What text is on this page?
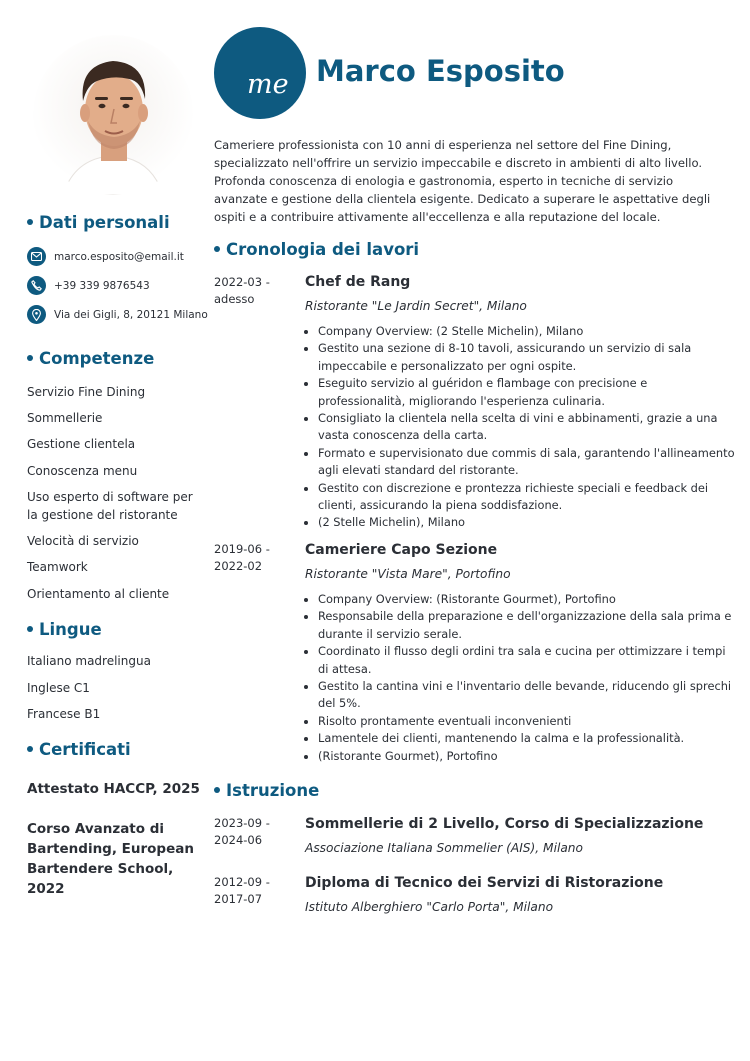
Dati personali
marco.esposito@email.it
+39 339 9876543
Via dei Gigli, 8, 20121 Milano
Competenze
Servizio Fine Dining
Sommellerie
Gestione clientela
Conoscenza menu
Uso esperto di software per la gestione del ristorante
Velocità di servizio
Teamwork
Orientamento al cliente
Lingue
Italiano madrelingua
Inglese C1
Francese B1
Certificati
Attestato HACCP, 2025
Corso Avanzato di Bartending, European Bartendere School, 2022
me Marco Esposito
Cameriere professionista con 10 anni di esperienza nel settore del Fine Dining, specializzato nell'offrire un servizio impeccabile e discreto in ambienti di alto livello. Profonda conoscenza di enologia e gastronomia, esperto in tecniche di servizio avanzate e gestione della clientela esigente. Dedicato a superare le aspettative degli ospiti e a contribuire attivamente all'eccellenza e alla reputazione del locale.
Cronologia dei lavori
2022-03 - adesso
Chef de Rang
Ristorante "Le Jardin Secret", Milano
• Company Overview: (2 Stelle Michelin), Milano
• Gestito una sezione di 8-10 tavoli, assicurando un servizio di sala impeccabile e personalizzato per ogni ospite.
• Eseguito servizio al guéridon e flambage con precisione e professionalità, migliorando l'esperienza culinaria.
• Consigliato la clientela nella scelta di vini e abbinamenti, grazie a una vasta conoscenza della carta.
• Formato e supervisionato due commis di sala, garantendo l'allineamento agli elevati standard del ristorante.
• Gestito con discrezione e prontezza richieste speciali e feedback dei clienti, assicurando la piena soddisfazione.
• (2 Stelle Michelin), Milano
2019-06 - 2022-02
Cameriere Capo Sezione
Ristorante "Vista Mare", Portofino
• Company Overview: (Ristorante Gourmet), Portofino
• Responsabile della preparazione e dell'organizzazione della sala prima e durante il servizio serale.
• Coordinato il flusso degli ordini tra sala e cucina per ottimizzare i tempi di attesa.
• Gestito la cantina vini e l'inventario delle bevande, riducendo gli sprechi del 5%.
• Risolto prontamente eventuali inconvenienti
• Lamentele dei clienti, mantenendo la calma e la professionalità.
• (Ristorante Gourmet), Portofino
Istruzione
2023-09 - 2024-06
Sommellerie di 2 Livello, Corso di Specializzazione
Associazione Italiana Sommelier (AIS), Milano
2012-09 - 2017-07
Diploma di Tecnico dei Servizi di Ristorazione
Istituto Alberghiero "Carlo Porta", Milano
